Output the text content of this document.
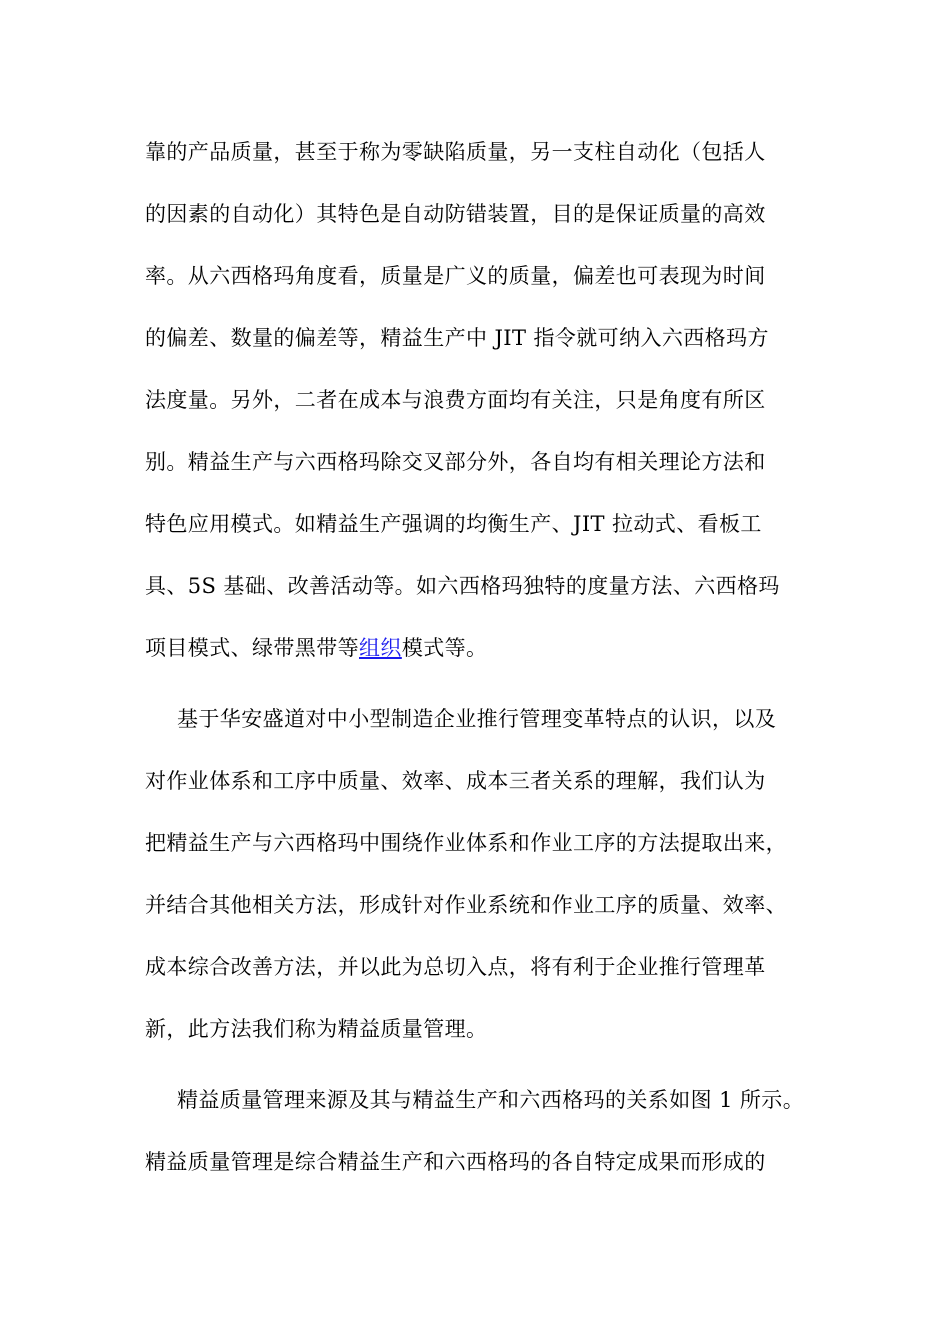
靠的产品质量，甚至于称为零缺陷质量，另一支柱自动化（包括人
的因素的自动化）其特色是自动防错装置，目的是保证质量的高效
率。从六西格玛角度看，质量是广义的质量，偏差也可表现为时间
的偏差、数量的偏差等，精益生产中 JIT 指令就可纳入六西格玛方
法度量。另外，二者在成本与浪费方面均有关注，只是角度有所区
别。精益生产与六西格玛除交叉部分外，各自均有相关理论方法和
特色应用模式。如精益生产强调的均衡生产、JIT 拉动式、看板工
具、5S 基础、改善活动等。如六西格玛独特的度量方法、六西格玛
项目模式、绿带黑带等组织模式等。
基于华安盛道对中小型制造企业推行管理变革特点的认识，以及
对作业体系和工序中质量、效率、成本三者关系的理解，我们认为
把精益生产与六西格玛中围绕作业体系和作业工序的方法提取出来，
并结合其他相关方法，形成针对作业系统和作业工序的质量、效率、
成本综合改善方法，并以此为总切入点，将有利于企业推行管理革
新，此方法我们称为精益质量管理。
精益质量管理来源及其与精益生产和六西格玛的关系如图 1 所示。
精益质量管理是综合精益生产和六西格玛的各自特定成果而形成的
